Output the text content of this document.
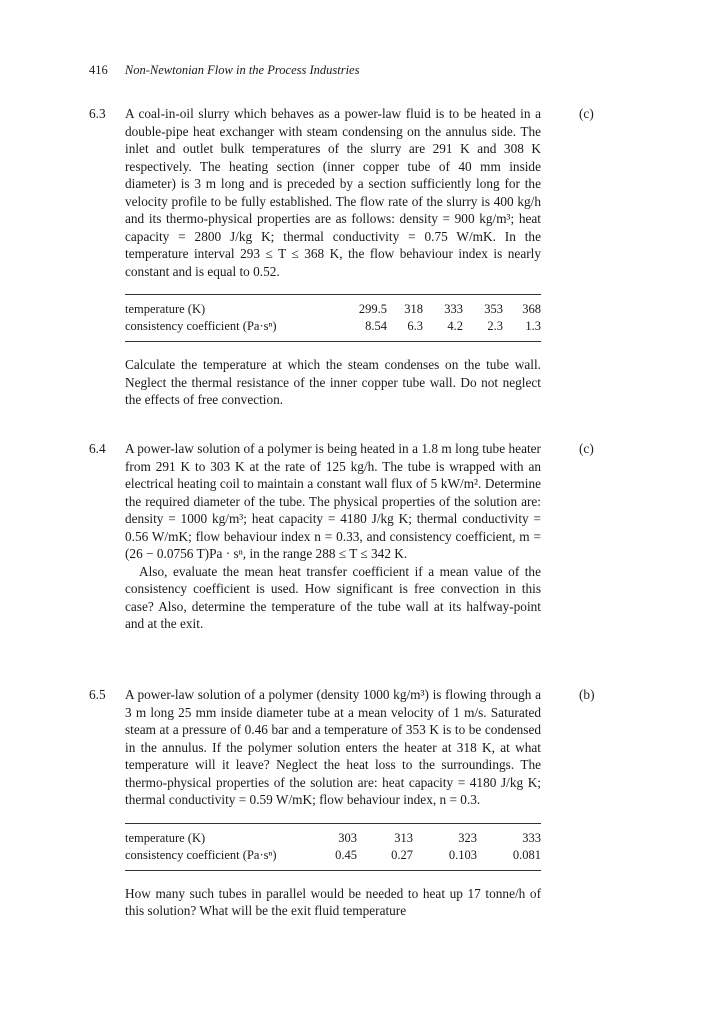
416 Non-Newtonian Flow in the Process Industries
6.3	(c)

A coal-in-oil slurry which behaves as a power-law fluid is to be heated in a double-pipe heat exchanger with steam condensing on the annulus side. The inlet and outlet bulk temperatures of the slurry are 291 K and 308 K respectively. The heating section (inner copper tube of 40 mm inside diameter) is 3 m long and is preceded by a section sufficiently long for the velocity profile to be fully established. The flow rate of the slurry is 400 kg/h and its thermo-physical properties are as follows: density = 900 kg/m³; heat capacity = 2800 J/kg K; thermal conductivity = 0.75 W/mK. In the temperature interval 293 ≤ T ≤ 368 K, the flow behaviour index is nearly constant and is equal to 0.52.

temperature (K)	299.5	318	333	353	368
consistency coefficient (Pa·sⁿ)	8.54	6.3	4.2	2.3	1.3

Calculate the temperature at which the steam condenses on the tube wall. Neglect the thermal resistance of the inner copper tube wall. Do not neglect the effects of free convection.

6.4	(c)

A power-law solution of a polymer is being heated in a 1.8 m long tube heater from 291 K to 303 K at the rate of 125 kg/h. The tube is wrapped with an electrical heating coil to maintain a constant wall flux of 5 kW/m². Determine the required diameter of the tube. The physical properties of the solution are: density = 1000 kg/m³; heat capacity = 4180 J/kg K; thermal conductivity = 0.56 W/mK; flow behaviour index n = 0.33, and consistency coefficient, m = (26 − 0.0756 T)Pa · sⁿ, in the range 288 ≤ T ≤ 342 K.

Also, evaluate the mean heat transfer coefficient if a mean value of the consistency coefficient is used. How significant is free convection in this case? Also, determine the temperature of the tube wall at its halfway-point and at the exit.

6.5	(b)

A power-law solution of a polymer (density 1000 kg/m³) is flowing through a 3 m long 25 mm inside diameter tube at a mean velocity of 1 m/s. Saturated steam at a pressure of 0.46 bar and a temperature of 353 K is to be condensed in the annulus. If the polymer solution enters the heater at 318 K, at what temperature will it leave? Neglect the heat loss to the surroundings. The thermo-physical properties of the solution are: heat capacity = 4180 J/kg K; thermal conductivity = 0.59 W/mK; flow behaviour index, n = 0.3.

temperature (K)	303	313	323	333
consistency coefficient (Pa·sⁿ)	0.45	0.27	0.103	0.081

How many such tubes in parallel would be needed to heat up 17 tonne/h of this solution? What will be the exit fluid temperature
